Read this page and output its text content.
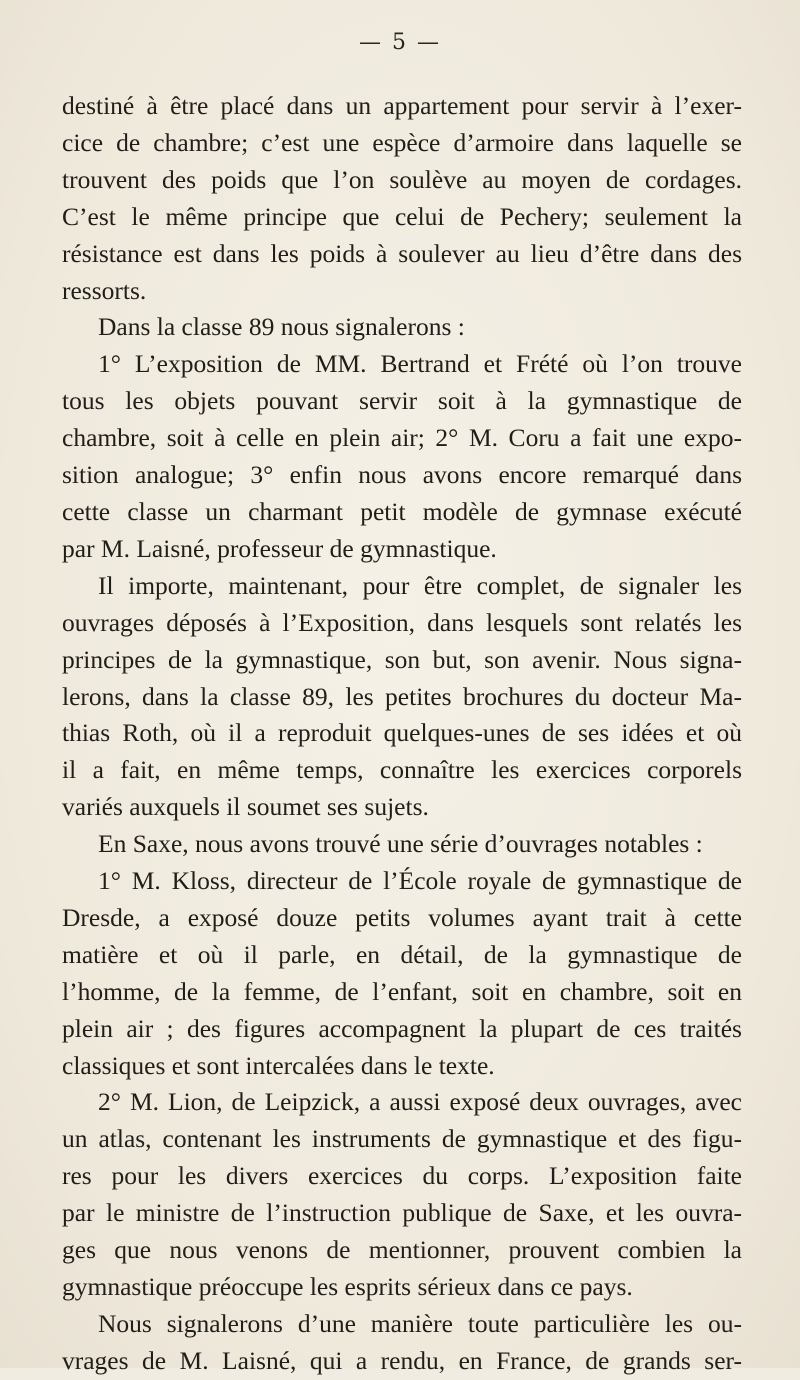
— 5 —

destiné à être placé dans un appartement pour servir à l’exer-

cice de chambre; c’est une espèce d’armoire dans laquelle se

trouvent des poids que l’on soulève au moyen de cordages.

C’est le même principe que celui de Pechery; seulement la

résistance est dans les poids à soulever au lieu d’être dans des

ressorts.

Dans la classe 89 nous signalerons :

1° L’exposition de MM. Bertrand et Frété où l’on trouve

tous les objets pouvant servir soit à la gymnastique de

chambre, soit à celle en plein air; 2° M. Coru a fait une expo-

sition analogue; 3° enfin nous avons encore remarqué dans

cette classe un charmant petit modèle de gymnase exécuté

par M. Laisné, professeur de gymnastique.

Il importe, maintenant, pour être complet, de signaler les

ouvrages déposés à l’Exposition, dans lesquels sont relatés les

principes de la gymnastique, son but, son avenir. Nous signa-

lerons, dans la classe 89, les petites brochures du docteur Ma-

thias Roth, où il a reproduit quelques-unes de ses idées et où

il a fait, en même temps, connaître les exercices corporels

variés auxquels il soumet ses sujets.

En Saxe, nous avons trouvé une série d’ouvrages notables :

1° M. Kloss, directeur de l’École royale de gymnastique de

Dresde, a exposé douze petits volumes ayant trait à cette

matière et où il parle, en détail, de la gymnastique de

l’homme, de la femme, de l’enfant, soit en chambre, soit en

plein air ; des figures accompagnent la plupart de ces traités

classiques et sont intercalées dans le texte.

2° M. Lion, de Leipzick, a aussi exposé deux ouvrages, avec

un atlas, contenant les instruments de gymnastique et des figu-

res pour les divers exercices du corps. L’exposition faite

par le ministre de l’instruction publique de Saxe, et les ouvra-

ges que nous venons de mentionner, prouvent combien la

gymnastique préoccupe les esprits sérieux dans ce pays.

Nous signalerons d’une manière toute particulière les ou-

vrages de M. Laisné, qui a rendu, en France, de grands ser-
